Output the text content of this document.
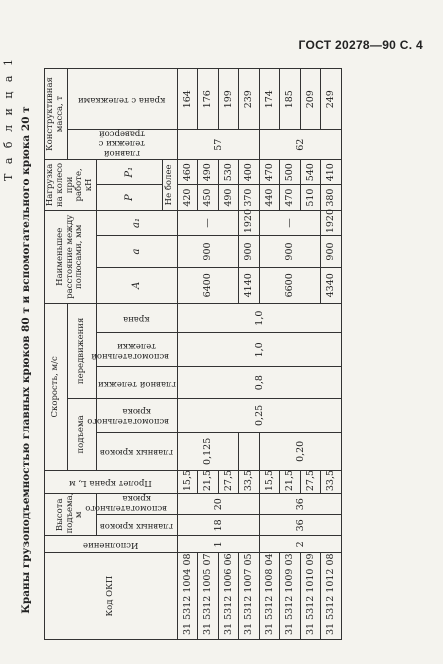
ГОСТ 20278—90 С. 4
Т а б л и ц а 1 Краны грузоподъемностью главных крюков 80 т и вспомогательного крюка 20 т	Код ОКП	Исполнение	Высота подъема, м		Пролет крана L, м	Скорость, м/с					Наименьшее расстояние между полюсами, мм			Нагрузка на колесо при работе, кН		Конструктивная масса, т	
					подъема		передвижения								главной тележки с траверсой	крана с тележками

		главных крюков	вспомогательного крюка		главных крюков	вспомогательного крюка	главной тележки	вспомогательной тележки	крана	А	а	а₁	Р	Р₁		
													Не более			
31 5312 1004 08	1	18	20	15,5	0,125	0,25	0,8	1,0	1,0	6400	900	—	420	460	57	164
31 5312 1005 07				21,5									450	490		176
31 5312 1006 06				27,5									490	530		199
31 5312 1007 05				33,5						4140	900	1920	370	400		239
31 5312 1008 04	2	36	36	15,5	0,20					6600	900	—	440	470	62	174
31 5312 1009 03				21,5									470	500		185
31 5312 1010 09				27,5									510	540		209
31 5312 1012 08				33,5						4340	900	1920	380	410		249
